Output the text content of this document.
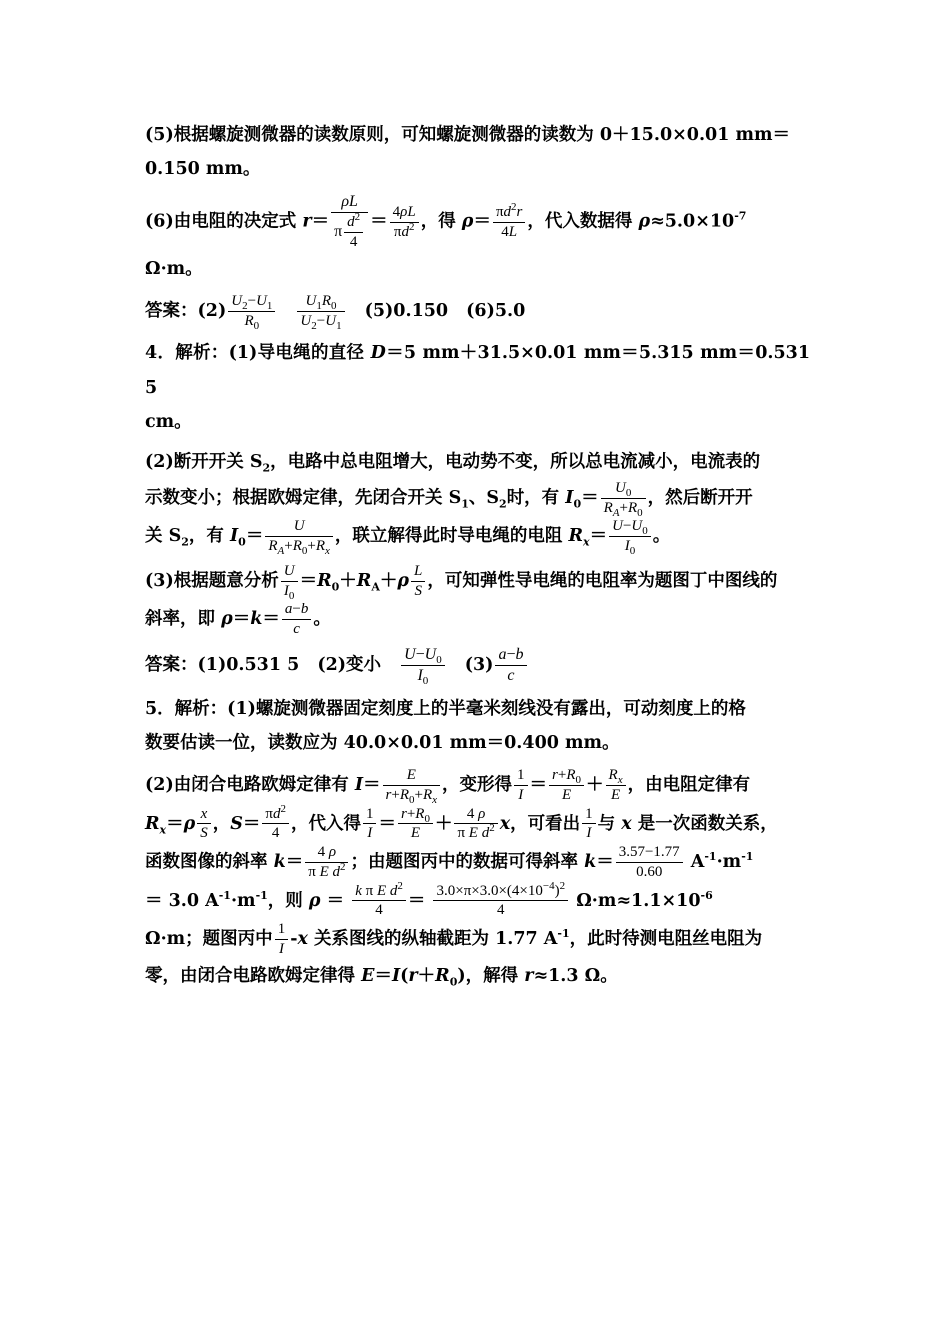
(5)根据螺旋测微器的读数原则，可知螺旋测微器的读数为 0＋15.0×0.01 mm＝
0.150 mm。

(6)由电阻的决定式 $r= \frac{\rho L}{\pi \frac{d^2}{4}} = \frac{4\rho L}{\pi d^2}$ ，得 $\rho= \frac{\pi d^2r}{4L}$ ，代入数据得 $\rho\approx 5.0\times 10^{-7}$
Ω·m。

答案：$(2) \frac{U_2-U_1}{R_0} \frac{U_1R_0}{U_2-U_1} (5)0.150$ (6)5.0

4．解析：(1)导电绳的直径 D＝5 mm＋31.5×0.01 mm＝5.315 mm＝0.531 5
cm。

(2)断开开关 $S_2$，电路中总电阻增大，电动势不变，所以总电流减小，电流表的
示数变小；根据欧姆定律，先闭合开关 $S_1$、$S_2$时，有 $I_0= \frac{U_0}{R_A+R_0}$ ，然后断开开
关 $S_2$，有 $I_0= \frac{U}{R_A+R_0+R_x}$ ，联立解得此时导电绳的电阻 $R_x= \frac{U-U_0}{I_0}$ 。

(3)根据题意分析 $\frac{U}{I_0} =R_0+R_A+\rho \frac{L}{S}$ ，可知弹性导电绳的电阻率为题图丁中图线的
斜率，即 $\rho=k= \frac{a-b}{c}$ 。

答案：(1)0.531 5 (2)变小 $\frac{U-U_0}{I_0} (3) \frac{a-b}{c}$

5．解析：(1)螺旋测微器固定刻度上的半毫米刻线没有露出，可动刻度上的格
数要估读一位，读数应为 40.0×0.01 mm＝0.400 mm。

(2)由闭合电路欧姆定律有 $I= \frac{E}{r+R_0+R_x}$ ，变形得 $\frac{1}{I} = \frac{r+R_0}{E} + \frac{R_x}{E}$ ，由电阻定律有
$R_x=\rho \frac{x}{S}$ ，$S= \frac{\pi d^2}{4}$ ，代入得 $\frac{1}{I} = \frac{r+R_0}{E} + \frac{4 \rho}{\pi E d^2}$ x，可看出 $\frac{1}{I}$ 与 x 是一次函数关系，
函数图像的斜率 $k= \frac{4 \rho}{\pi E d^2}$ ；由题图丙中的数据可得斜率 $k= \frac{3.57-1.77}{0.60} A^{-1}\cdot m^{-1}$
＝ 3.0 $A^{-1}\cdot m^{-1}$，则 $\rho = \frac{k \pi E d^2}{4} = \frac{3.0\times\pi\times 3.0\times(4\times 10^{-4})^2}{4} \Omega\cdot m\approx 1.1\times 10^{-6}$
Ω·m；题图丙中 $\frac{1}{I} -x$ 关系图线的纵轴截距为 1.77 $A^{-1}$，此时待测电阻丝电阻为
零，由闭合电路欧姆定律得 $E=I(r+R_0)$，解得 r≈1.3 Ω。
